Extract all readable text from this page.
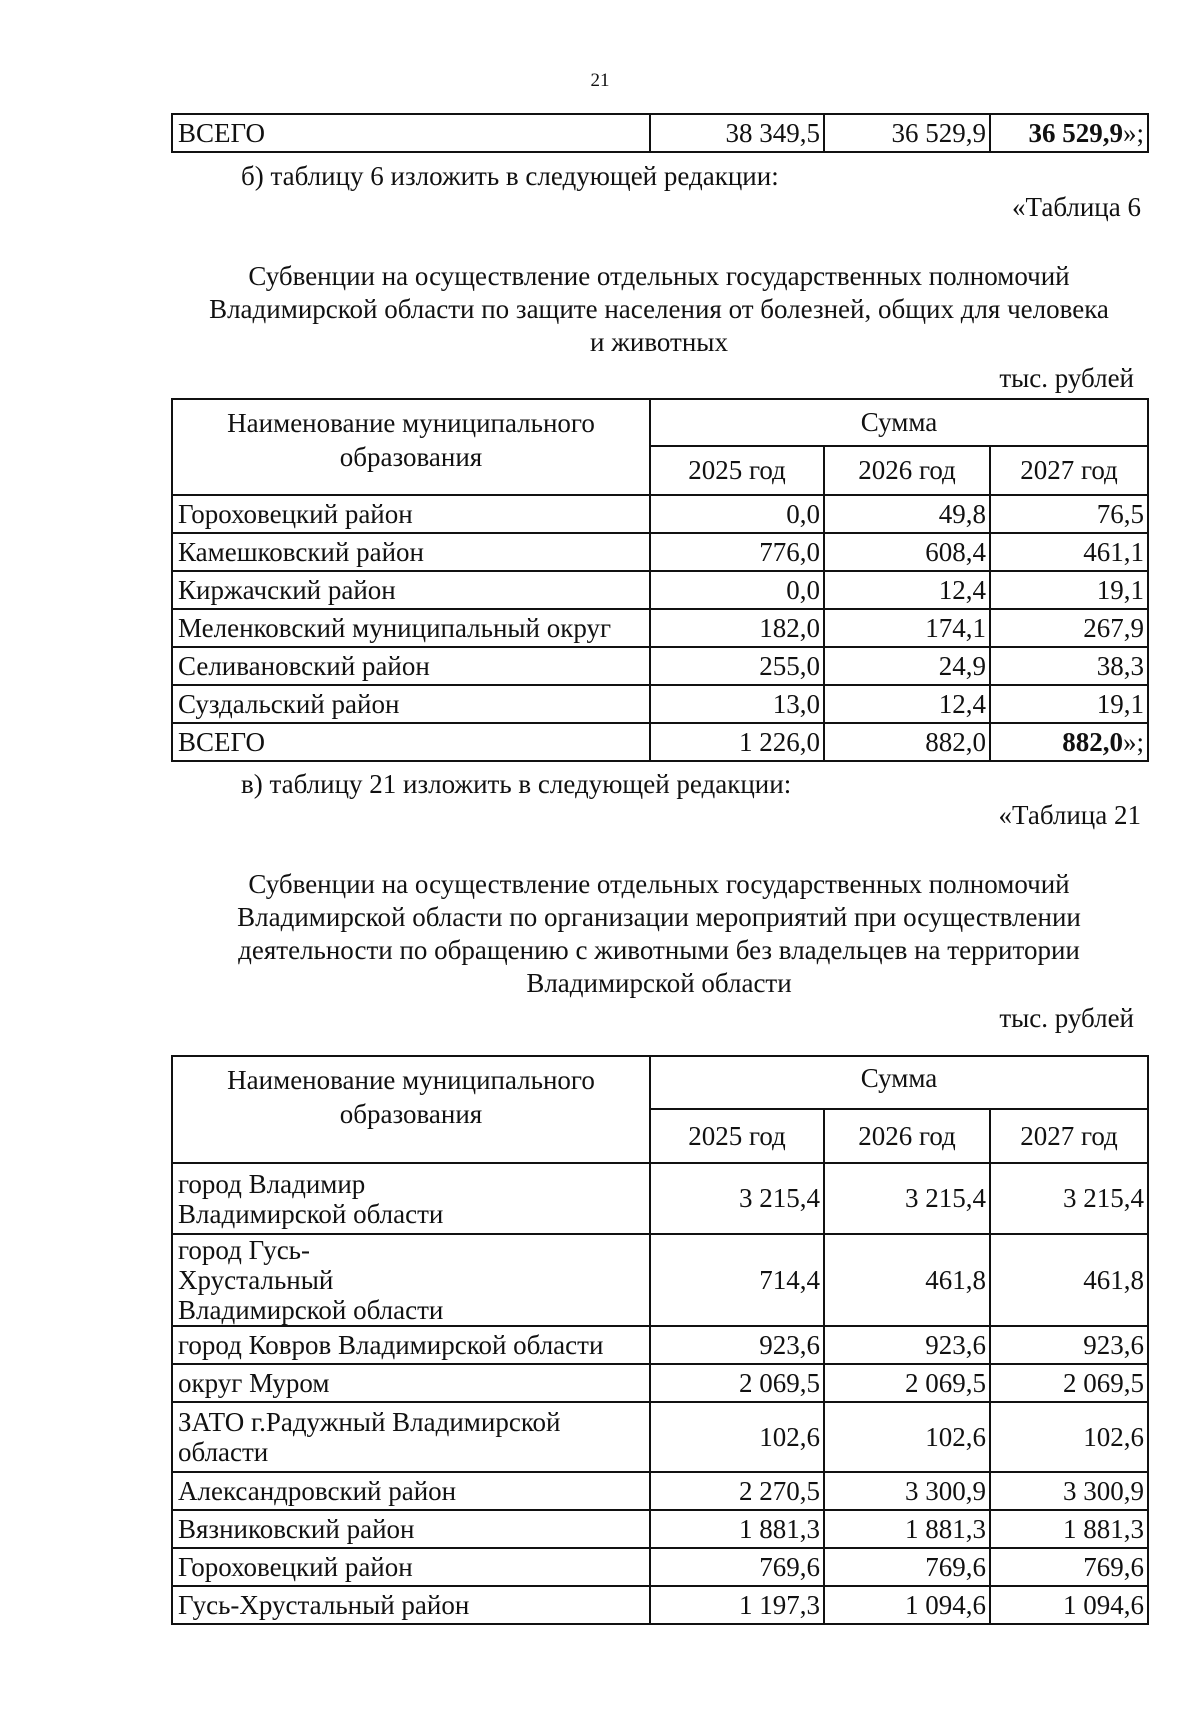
21
ВСЕГО	38 349,5	36 529,9	36 529,9»;
б) таблицу 6 изложить в следующей редакции:
«Таблица 6
Субвенции на осуществление отдельных государственных полномочий
Владимирской области по защите населения от болезней, общих для человека
и животных
тыс. рублей
Наименование муниципального образования	Сумма		
	2025 год	2026 год	2027 год
Гороховецкий район	0,0	49,8	76,5
Камешковский район	776,0	608,4	461,1
Киржачский район	0,0	12,4	19,1
Меленковский муниципальный округ	182,0	174,1	267,9
Селивановский район	255,0	24,9	38,3
Суздальский район	13,0	12,4	19,1
ВСЕГО	1 226,0	882,0	882,0»;
в) таблицу 21 изложить в следующей редакции:
«Таблица 21
Субвенции на осуществление отдельных государственных полномочий
Владимирской области по организации мероприятий при осуществлении
деятельности по обращению с животными без владельцев на территории
Владимирской области
тыс. рублей
Наименование муниципального образования	Сумма		
	2025 год	2026 год	2027 год
город Владимир Владимирской области	3 215,4	3 215,4	3 215,4
город Гусь-Хрустальный Владимирской области	714,4	461,8	461,8
город Ковров Владимирской области	923,6	923,6	923,6
округ Муром	2 069,5	2 069,5	2 069,5
ЗАТО г.Радужный Владимирской области	102,6	102,6	102,6
Александровский район	2 270,5	3 300,9	3 300,9
Вязниковский район	1 881,3	1 881,3	1 881,3
Гороховецкий район	769,6	769,6	769,6
Гусь-Хрустальный район	1 197,3	1 094,6	1 094,6
